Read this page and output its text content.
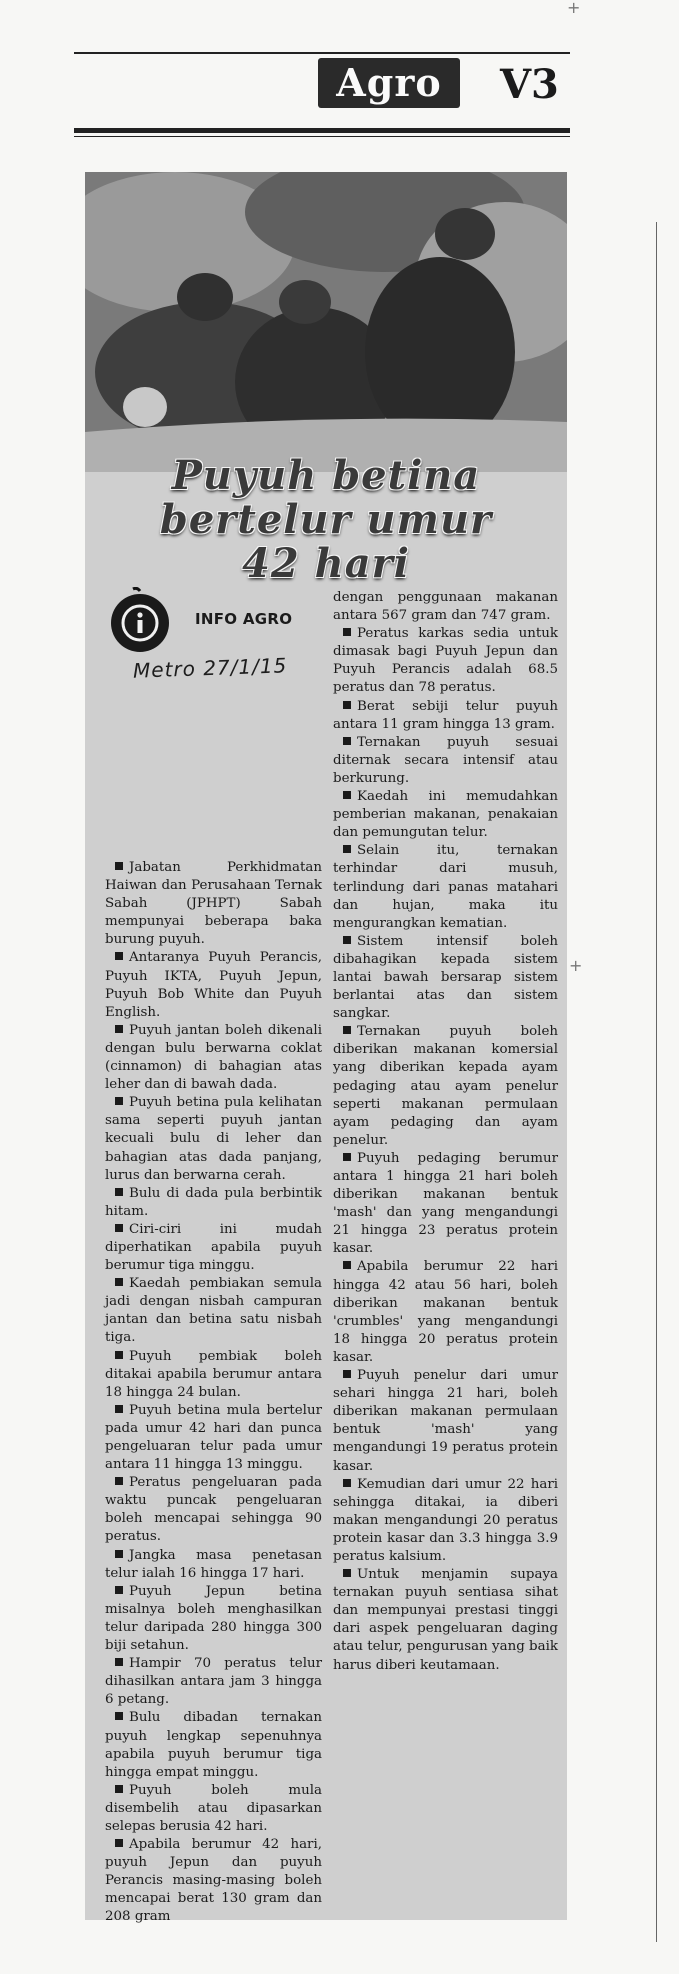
+
+
Agro	V3
Puyuh betina
bertelur umur
42 hari
INFO AGRO
Metro 27/1/15

Jabatan Perkhidmatan Haiwan dan Perusahaan Ternak Sabah (JPHPT) Sabah mempunyai beberapa baka burung puyuh.

Antaranya Puyuh Perancis, Puyuh IKTA, Puyuh Jepun, Puyuh Bob White dan Puyuh English.

Puyuh jantan boleh dikenali dengan bulu berwarna coklat (cinnamon) di bahagian atas leher dan di bawah dada.

Puyuh betina pula kelihatan sama seperti puyuh jantan kecuali bulu di leher dan bahagian atas dada panjang, lurus dan berwarna cerah.

Bulu di dada pula berbintik hitam.

Ciri-ciri ini mudah diperhatikan apabila puyuh berumur tiga minggu.

Kaedah pembiakan semula jadi dengan nisbah campuran jantan dan betina satu nisbah tiga.

Puyuh pembiak boleh ditakai apabila berumur antara 18 hingga 24 bulan.

Puyuh betina mula bertelur pada umur 42 hari dan punca pengeluaran telur pada umur antara 11 hingga 13 minggu.

Peratus pengeluaran pada waktu puncak pengeluaran boleh mencapai sehingga 90 peratus.

Jangka masa penetasan telur ialah 16 hingga 17 hari.

Puyuh Jepun betina misalnya boleh menghasilkan telur daripada 280 hingga 300 biji setahun.

Hampir 70 peratus telur dihasilkan antara jam 3 hingga 6 petang.

Bulu dibadan ternakan puyuh lengkap sepenuhnya apabila puyuh berumur tiga hingga empat minggu.

Puyuh boleh mula disembelih atau dipasarkan selepas berusia 42 hari.

Apabila berumur 42 hari, puyuh Jepun dan puyuh Perancis masing-masing boleh mencapai berat 130 gram dan 208 gram

dengan penggunaan makanan antara 567 gram dan 747 gram.

Peratus karkas sedia untuk dimasak bagi Puyuh Jepun dan Puyuh Perancis adalah 68.5 peratus dan 78 peratus.

Berat sebiji telur puyuh antara 11 gram hingga 13 gram.

Ternakan puyuh sesuai diternak secara intensif atau berkurung.

Kaedah ini memudahkan pemberian makanan, penakaian dan pemungutan telur.

Selain itu, ternakan terhindar dari musuh, terlindung dari panas matahari dan hujan, maka itu mengurangkan kematian.

Sistem intensif boleh dibahagikan kepada sistem lantai bawah bersarap sistem berlantai atas dan sistem sangkar.

Ternakan puyuh boleh diberikan makanan komersial yang diberikan kepada ayam pedaging atau ayam penelur seperti makanan permulaan ayam pedaging dan ayam penelur.

Puyuh pedaging berumur antara 1 hingga 21 hari boleh diberikan makanan bentuk 'mash' dan yang mengandungi 21 hingga 23 peratus protein kasar.

Apabila berumur 22 hari hingga 42 atau 56 hari, boleh diberikan makanan bentuk 'crumbles' yang mengandungi 18 hingga 20 peratus protein kasar.

Puyuh penelur dari umur sehari hingga 21 hari, boleh diberikan makanan permulaan bentuk 'mash' yang mengandungi 19 peratus protein kasar.

Kemudian dari umur 22 hari sehingga ditakai, ia diberi makan mengandungi 20 peratus protein kasar dan 3.3 hingga 3.9 peratus kalsium.

Untuk menjamin supaya ternakan puyuh sentiasa sihat dan mempunyai prestasi tinggi dari aspek pengeluaran daging atau telur, pengurusan yang baik harus diberi keutamaan.
